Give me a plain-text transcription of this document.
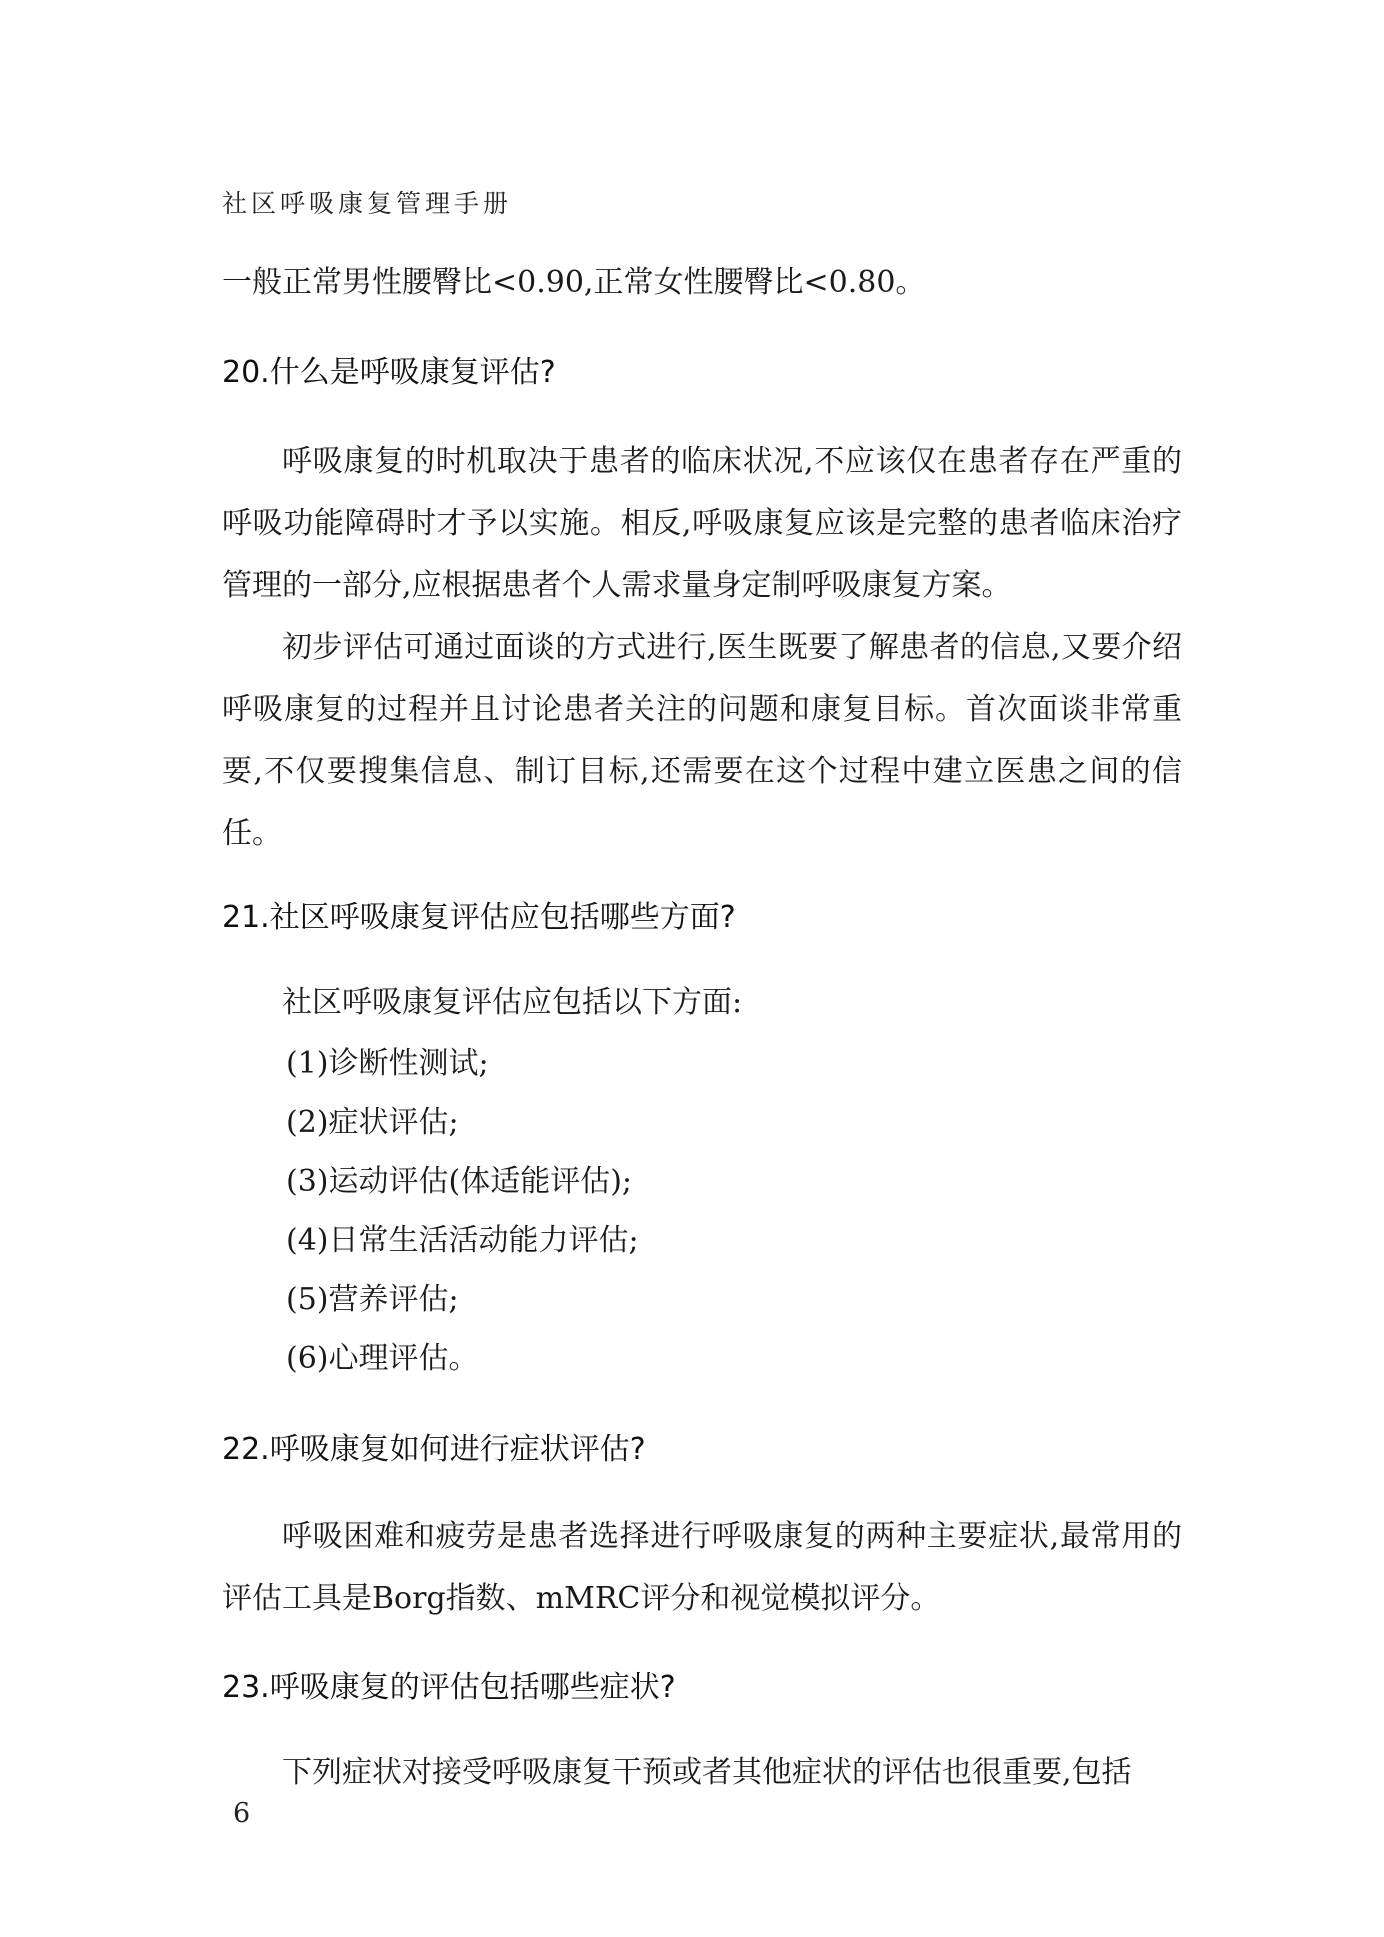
社区呼吸康复管理手册

一般正常男性腰臀比<0.90,正常女性腰臀比<0.80。

20.什么是呼吸康复评估?

呼吸康复的时机取决于患者的临床状况,不应该仅在患者存在严重的呼吸功能障碍时才予以实施。相反,呼吸康复应该是完整的患者临床治疗管理的一部分,应根据患者个人需求量身定制呼吸康复方案。

初步评估可通过面谈的方式进行,医生既要了解患者的信息,又要介绍呼吸康复的过程并且讨论患者关注的问题和康复目标。首次面谈非常重要,不仅要搜集信息、制订目标,还需要在这个过程中建立医患之间的信任。

21.社区呼吸康复评估应包括哪些方面?

社区呼吸康复评估应包括以下方面:

(1)诊断性测试;

(2)症状评估;

(3)运动评估(体适能评估);

(4)日常生活活动能力评估;

(5)营养评估;

(6)心理评估。

22.呼吸康复如何进行症状评估?

呼吸困难和疲劳是患者选择进行呼吸康复的两种主要症状,最常用的评估工具是Borg指数、mMRC评分和视觉模拟评分。

23.呼吸康复的评估包括哪些症状?

下列症状对接受呼吸康复干预或者其他症状的评估也很重要,包括

6
